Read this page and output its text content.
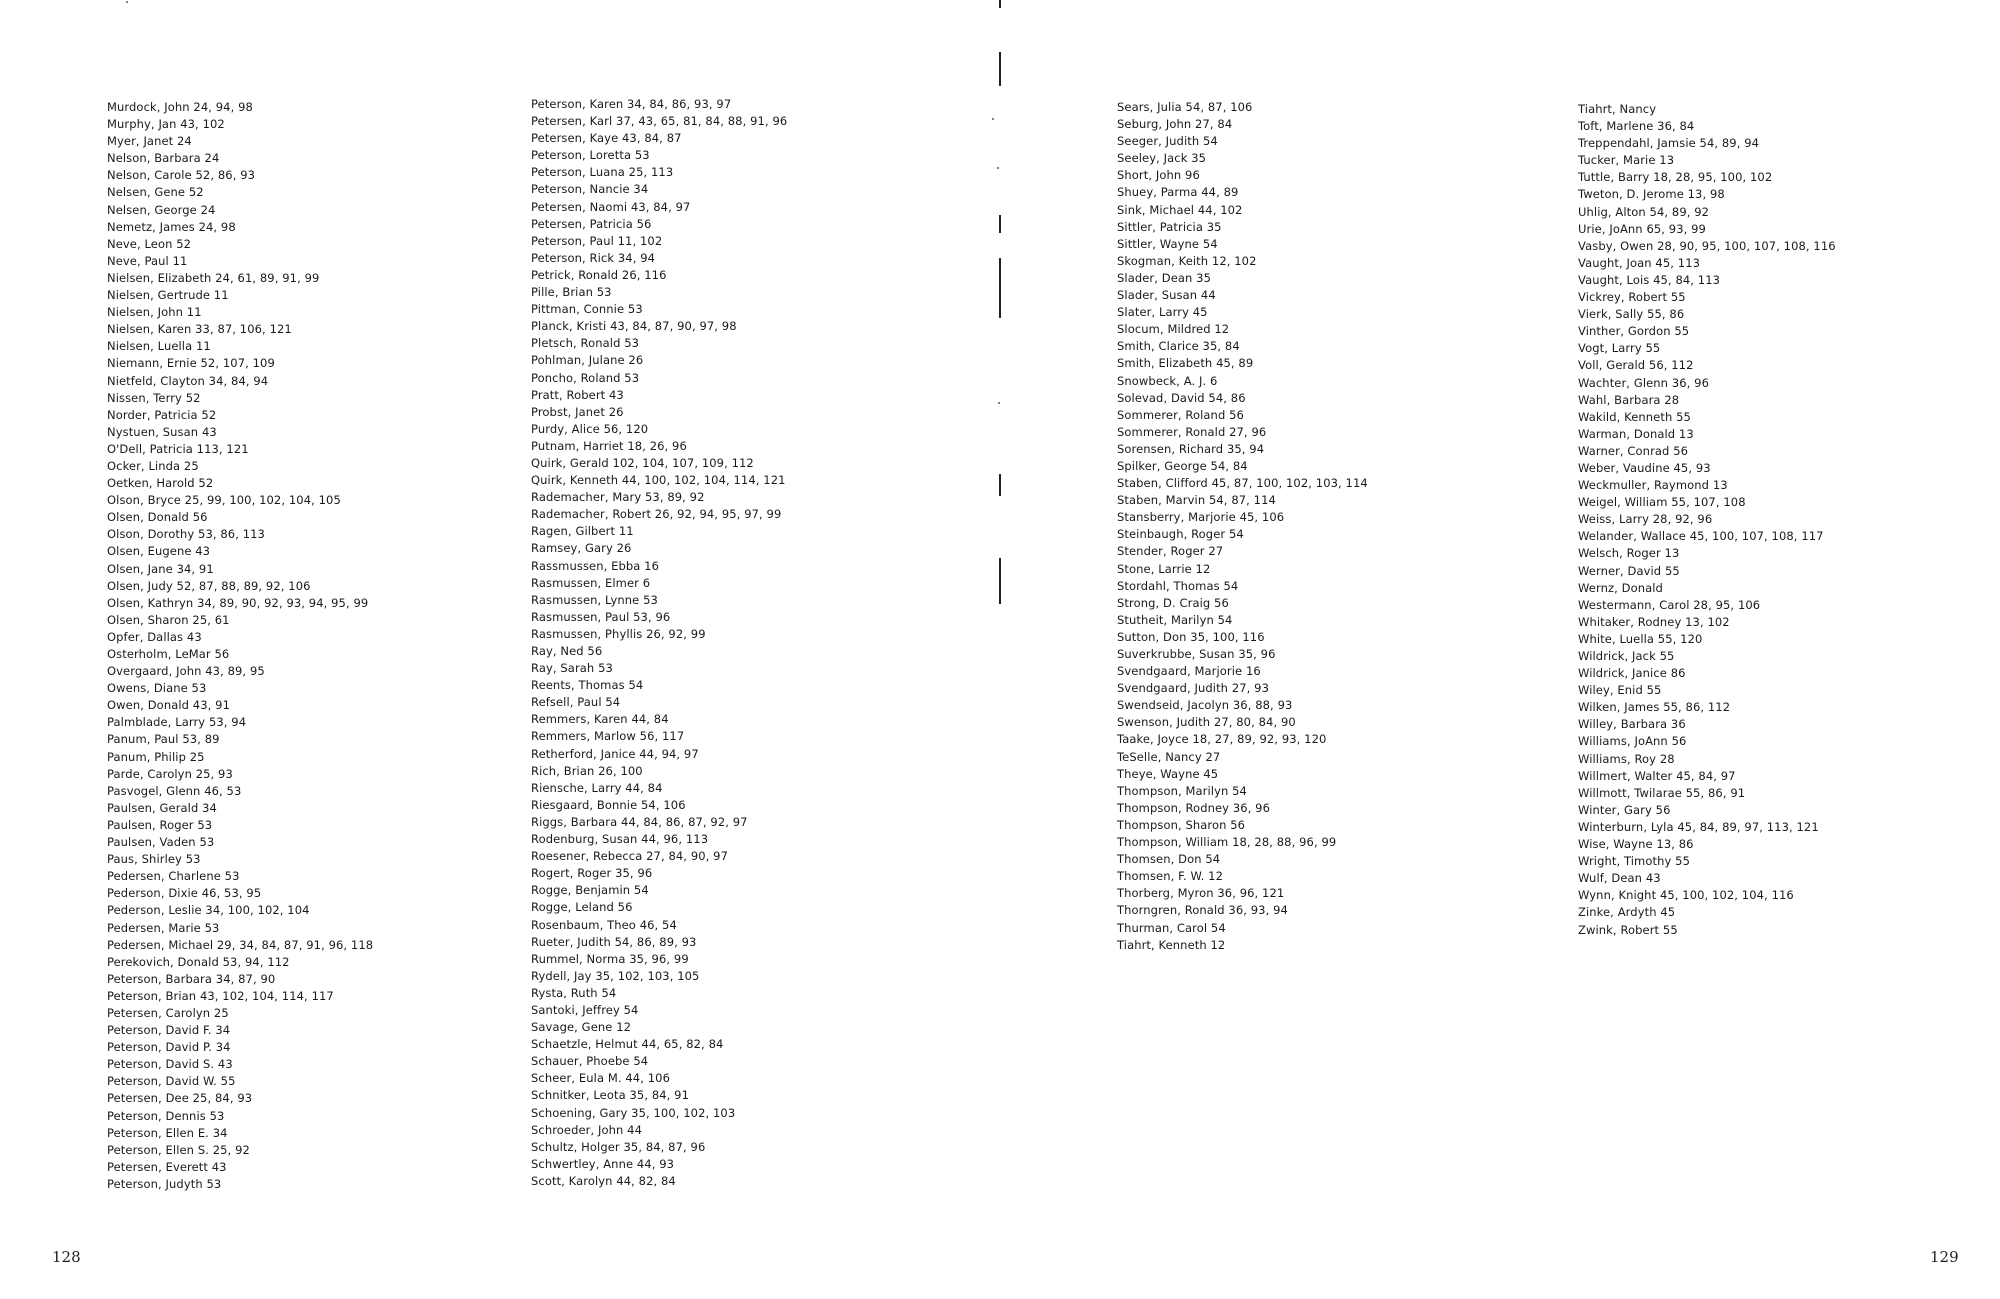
Murdock, John 24, 94, 98
Murphy, Jan 43, 102
Myer, Janet 24
Nelson, Barbara 24
Nelson, Carole 52, 86, 93
Nelsen, Gene 52
Nelsen, George 24
Nemetz, James 24, 98
Neve, Leon 52
Neve, Paul 11
Nielsen, Elizabeth 24, 61, 89, 91, 99
Nielsen, Gertrude 11
Nielsen, John 11
Nielsen, Karen 33, 87, 106, 121
Nielsen, Luella 11
Niemann, Ernie 52, 107, 109
Nietfeld, Clayton 34, 84, 94
Nissen, Terry 52
Norder, Patricia 52
Nystuen, Susan 43
O'Dell, Patricia 113, 121
Ocker, Linda 25
Oetken, Harold 52
Olson, Bryce 25, 99, 100, 102, 104, 105
Olsen, Donald 56
Olson, Dorothy 53, 86, 113
Olsen, Eugene 43
Olsen, Jane 34, 91
Olsen, Judy 52, 87, 88, 89, 92, 106
Olsen, Kathryn 34, 89, 90, 92, 93, 94, 95, 99
Olsen, Sharon 25, 61
Opfer, Dallas 43
Osterholm, LeMar 56
Overgaard, John 43, 89, 95
Owens, Diane 53
Owen, Donald 43, 91
Palmblade, Larry 53, 94
Panum, Paul 53, 89
Panum, Philip 25
Parde, Carolyn 25, 93
Pasvogel, Glenn 46, 53
Paulsen, Gerald 34
Paulsen, Roger 53
Paulsen, Vaden 53
Paus, Shirley 53
Pedersen, Charlene 53
Pederson, Dixie 46, 53, 95
Pederson, Leslie 34, 100, 102, 104
Pedersen, Marie 53
Pedersen, Michael 29, 34, 84, 87, 91, 96, 118
Perekovich, Donald 53, 94, 112
Peterson, Barbara 34, 87, 90
Peterson, Brian 43, 102, 104, 114, 117
Petersen, Carolyn 25
Peterson, David F. 34
Peterson, David P. 34
Peterson, David S. 43
Peterson, David W. 55
Petersen, Dee 25, 84, 93
Peterson, Dennis 53
Peterson, Ellen E. 34
Peterson, Ellen S. 25, 92
Petersen, Everett 43
Peterson, Judyth 53
Peterson, Karen 34, 84, 86, 93, 97
Petersen, Karl 37, 43, 65, 81, 84, 88, 91, 96
Petersen, Kaye 43, 84, 87
Peterson, Loretta 53
Peterson, Luana 25, 113
Peterson, Nancie 34
Petersen, Naomi 43, 84, 97
Petersen, Patricia 56
Peterson, Paul 11, 102
Peterson, Rick 34, 94
Petrick, Ronald 26, 116
Pille, Brian 53
Pittman, Connie 53
Planck, Kristi 43, 84, 87, 90, 97, 98
Pletsch, Ronald 53
Pohlman, Julane 26
Poncho, Roland 53
Pratt, Robert 43
Probst, Janet 26
Purdy, Alice 56, 120
Putnam, Harriet 18, 26, 96
Quirk, Gerald 102, 104, 107, 109, 112
Quirk, Kenneth 44, 100, 102, 104, 114, 121
Rademacher, Mary 53, 89, 92
Rademacher, Robert 26, 92, 94, 95, 97, 99
Ragen, Gilbert 11
Ramsey, Gary 26
Rassmussen, Ebba 16
Rasmussen, Elmer 6
Rasmussen, Lynne 53
Rasmussen, Paul 53, 96
Rasmussen, Phyllis 26, 92, 99
Ray, Ned 56
Ray, Sarah 53
Reents, Thomas 54
Refsell, Paul 54
Remmers, Karen 44, 84
Remmers, Marlow 56, 117
Retherford, Janice 44, 94, 97
Rich, Brian 26, 100
Riensche, Larry 44, 84
Riesgaard, Bonnie 54, 106
Riggs, Barbara 44, 84, 86, 87, 92, 97
Rodenburg, Susan 44, 96, 113
Roesener, Rebecca 27, 84, 90, 97
Rogert, Roger 35, 96
Rogge, Benjamin 54
Rogge, Leland 56
Rosenbaum, Theo 46, 54
Rueter, Judith 54, 86, 89, 93
Rummel, Norma 35, 96, 99
Rydell, Jay 35, 102, 103, 105
Rysta, Ruth 54
Santoki, Jeffrey 54
Savage, Gene 12
Schaetzle, Helmut 44, 65, 82, 84
Schauer, Phoebe 54
Scheer, Eula M. 44, 106
Schnitker, Leota 35, 84, 91
Schoening, Gary 35, 100, 102, 103
Schroeder, John 44
Schultz, Holger 35, 84, 87, 96
Schwertley, Anne 44, 93
Scott, Karolyn 44, 82, 84
128
Sears, Julia 54, 87, 106
Seburg, John 27, 84
Seeger, Judith 54
Seeley, Jack 35
Short, John 96
Shuey, Parma 44, 89
Sink, Michael 44, 102
Sittler, Patricia 35
Sittler, Wayne 54
Skogman, Keith 12, 102
Slader, Dean 35
Slader, Susan 44
Slater, Larry 45
Slocum, Mildred 12
Smith, Clarice 35, 84
Smith, Elizabeth 45, 89
Snowbeck, A. J. 6
Solevad, David 54, 86
Sommerer, Roland 56
Sommerer, Ronald 27, 96
Sorensen, Richard 35, 94
Spilker, George 54, 84
Staben, Clifford 45, 87, 100, 102, 103, 114
Staben, Marvin 54, 87, 114
Stansberry, Marjorie 45, 106
Steinbaugh, Roger 54
Stender, Roger 27
Stone, Larrie 12
Stordahl, Thomas 54
Strong, D. Craig 56
Stutheit, Marilyn 54
Sutton, Don 35, 100, 116
Suverkrubbe, Susan 35, 96
Svendgaard, Marjorie 16
Svendgaard, Judith 27, 93
Swendseid, Jacolyn 36, 88, 93
Swenson, Judith 27, 80, 84, 90
Taake, Joyce 18, 27, 89, 92, 93, 120
TeSelle, Nancy 27
Theye, Wayne 45
Thompson, Marilyn 54
Thompson, Rodney 36, 96
Thompson, Sharon 56
Thompson, William 18, 28, 88, 96, 99
Thomsen, Don 54
Thomsen, F. W. 12
Thorberg, Myron 36, 96, 121
Thorngren, Ronald 36, 93, 94
Thurman, Carol 54
Tiahrt, Kenneth 12
Tiahrt, Nancy
Toft, Marlene 36, 84
Treppendahl, Jamsie 54, 89, 94
Tucker, Marie 13
Tuttle, Barry 18, 28, 95, 100, 102
Tweton, D. Jerome 13, 98
Uhlig, Alton 54, 89, 92
Urie, JoAnn 65, 93, 99
Vasby, Owen 28, 90, 95, 100, 107, 108, 116
Vaught, Joan 45, 113
Vaught, Lois 45, 84, 113
Vickrey, Robert 55
Vierk, Sally 55, 86
Vinther, Gordon 55
Vogt, Larry 55
Voll, Gerald 56, 112
Wachter, Glenn 36, 96
Wahl, Barbara 28
Wakild, Kenneth 55
Warman, Donald 13
Warner, Conrad 56
Weber, Vaudine 45, 93
Weckmuller, Raymond 13
Weigel, William 55, 107, 108
Weiss, Larry 28, 92, 96
Welander, Wallace 45, 100, 107, 108, 117
Welsch, Roger 13
Werner, David 55
Wernz, Donald
Westermann, Carol 28, 95, 106
Whitaker, Rodney 13, 102
White, Luella 55, 120
Wildrick, Jack 55
Wildrick, Janice 86
Wiley, Enid 55
Wilken, James 55, 86, 112
Willey, Barbara 36
Williams, JoAnn 56
Williams, Roy 28
Willmert, Walter 45, 84, 97
Willmott, Twilarae 55, 86, 91
Winter, Gary 56
Winterburn, Lyla 45, 84, 89, 97, 113, 121
Wise, Wayne 13, 86
Wright, Timothy 55
Wulf, Dean 43
Wynn, Knight 45, 100, 102, 104, 116
Zinke, Ardyth 45
Zwink, Robert 55
129
